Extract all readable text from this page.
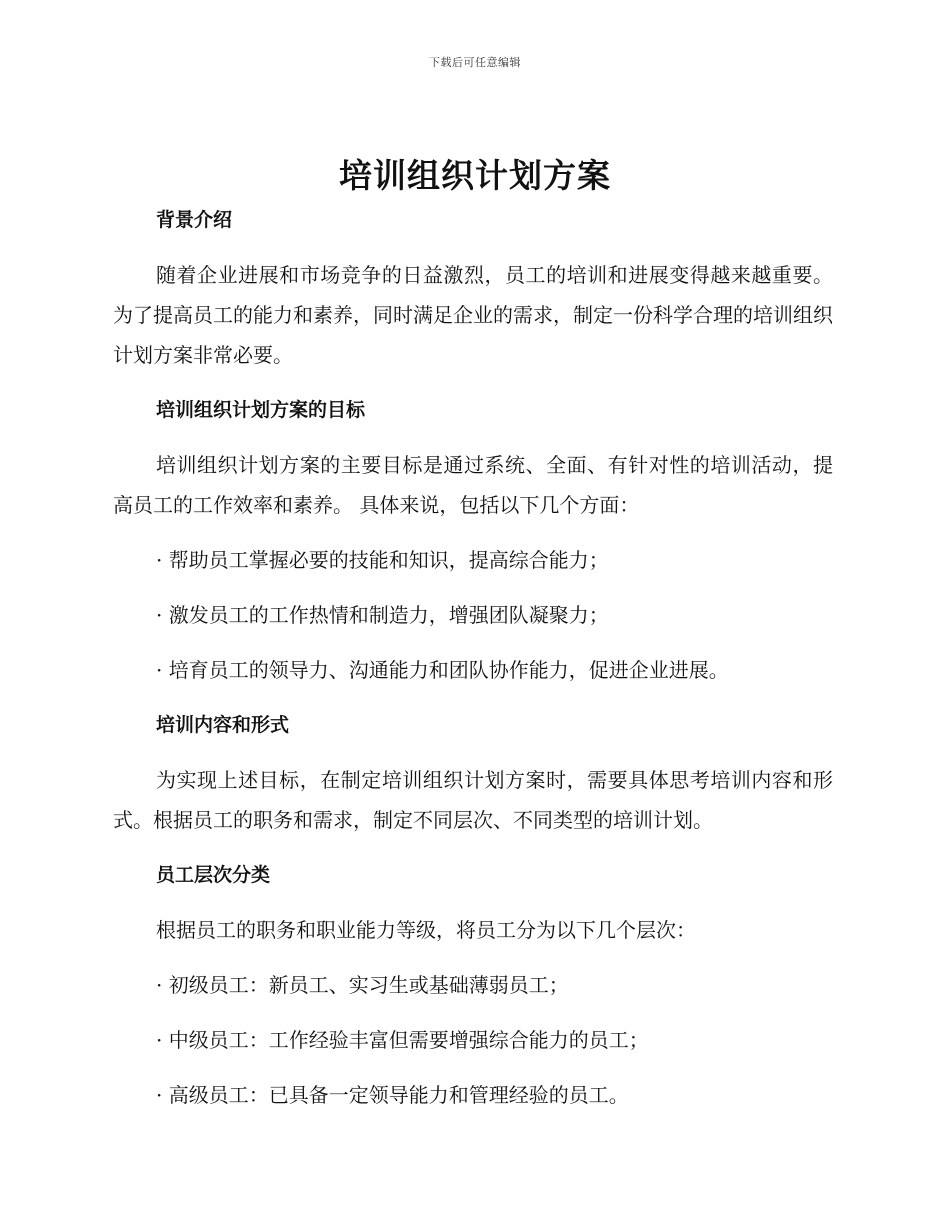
下载后可任意编辑
培训组织计划方案
背景介绍

随着企业进展和市场竞争的日益激烈，员工的培训和进展变得越来越重要。为了提高员工的能力和素养，同时满足企业的需求，制定一份科学合理的培训组织计划方案非常必要。

培训组织计划方案的目标

培训组织计划方案的主要目标是通过系统、全面、有针对性的培训活动，提高员工的工作效率和素养。 具体来说，包括以下几个方面：

· 帮助员工掌握必要的技能和知识，提高综合能力；
· 激发员工的工作热情和制造力，增强团队凝聚力；
· 培育员工的领导力、沟通能力和团队协作能力，促进企业进展。
培训内容和形式

为实现上述目标，在制定培训组织计划方案时，需要具体思考培训内容和形式。根据员工的职务和需求，制定不同层次、不同类型的培训计划。

员工层次分类

根据员工的职务和职业能力等级，将员工分为以下几个层次：

· 初级员工：新员工、实习生或基础薄弱员工；
· 中级员工：工作经验丰富但需要增强综合能力的员工；
· 高级员工：已具备一定领导能力和管理经验的员工。
